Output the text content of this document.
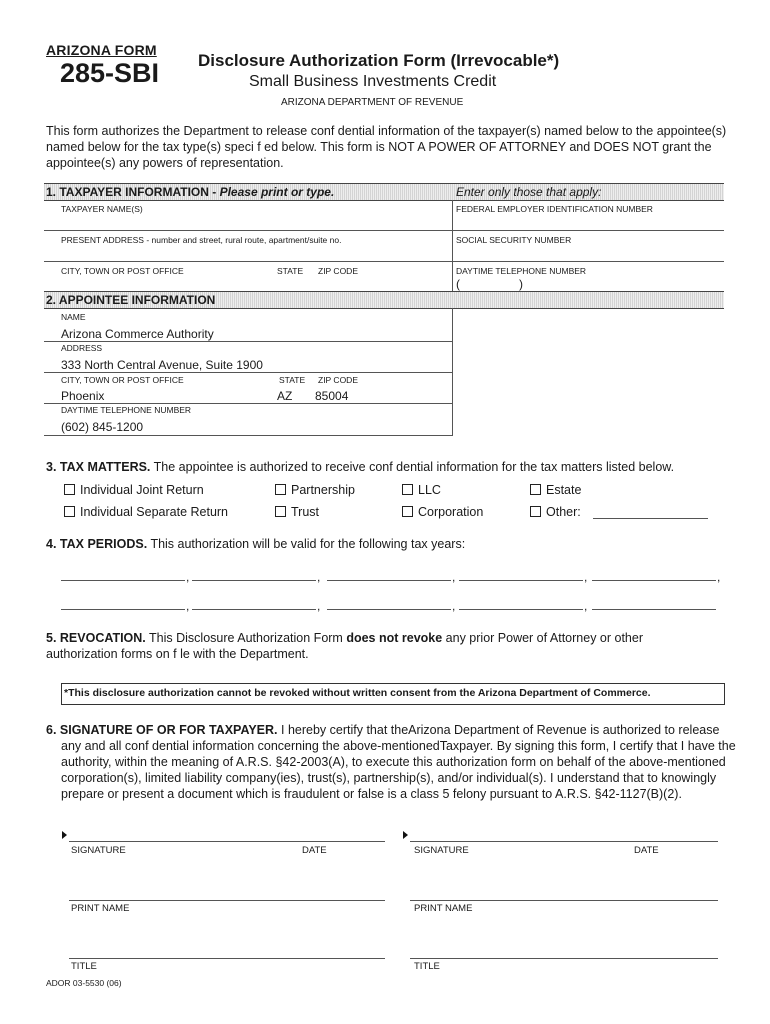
ARIZONA FORM
285-SBI Disclosure Authorization Form (Irrevocable*)
Small Business Investments Credit
ARIZONA DEPARTMENT OF REVENUE
This form authorizes the Department to release conf dential information of the taxpayer(s) named below to the appointee(s) named below for the tax type(s) speci f ed below. This form is NOT A POWER OF ATTORNEY and DOES NOT grant the appointee(s) any powers of representation.
1. TAXPAYER INFORMATION - Please print or type.	Enter only those that apply:
TAXPAYER NAME(S)	FEDERAL EMPLOYER IDENTIFICATION NUMBER
PRESENT ADDRESS - number and street, rural route, apartment/suite no.	SOCIAL SECURITY NUMBER
CITY, TOWN OR POST OFFICE	STATE ZIP CODE	DAYTIME TELEPHONE NUMBER
(	)
2. APPOINTEE INFORMATION
NAME
Arizona Commerce Authority
ADDRESS
333 North Central Avenue, Suite 1900
CITY, TOWN OR POST OFFICE	STATE ZIP CODE
Phoenix	AZ 85004
DAYTIME TELEPHONE NUMBER
(602) 845-1200
3. TAX MATTERS. The appointee is authorized to receive conf dential information for the tax matters listed below.
Individual Joint Return	Partnership	LLC	Estate
Individual Separate Return	Trust	Corporation	Other:
4. TAX PERIODS. This authorization will be valid for the following tax years:
,	,	,	,	,
,	,	,	,
5. REVOCATION. This Disclosure Authorization Form does not revoke any prior Power of Attorney or other
authorization forms on f le with the Department.
*This disclosure authorization cannot be revoked without written consent from the Arizona Department of Commerce.
6. SIGNATURE OF OR FOR TAXPAYER. I hereby certify that theArizona Department of Revenue is authorized to release

any and all conf dential information concerning the above-mentionedTaxpayer. By signing this form, I certify that I have the authority, within the meaning of A.R.S. §42-2003(A), to execute this authorization form on behalf of the above-mentioned corporation(s), limited liability company(ies), trust(s), partnership(s), and/or individual(s). I understand that to knowingly prepare or present a document which is fraudulent or false is a class 5 felony pursuant to A.R.S. §42-1127(B)(2).
SIGNATURE	DATE
PRINT NAME
TITLE
SIGNATURE	DATE
PRINT NAME
TITLE
ADOR 03-5530 (06)
